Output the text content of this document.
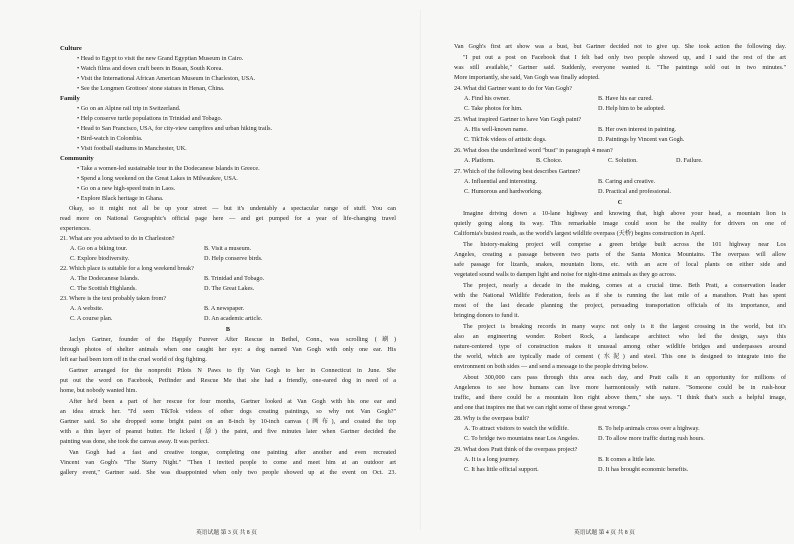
Culture
• Head to Egypt to visit the new Grand Egyptian Museum in Cairo.
• Watch films and down craft beers in Busan, South Korea.
• Visit the International African American Museum in Charleston, USA.
• See the Longmen Grottoes' stone statues in Henan, China.
Family
• Go on an Alpine rail trip in Switzerland.
• Help conserve turtle populations in Trinidad and Tobago.
• Head to San Francisco, USA, for city-view campfires and urban hiking trails.
• Bird-watch in Colombia.
• Visit football stadiums in Manchester, UK.
Community
• Take a women-led sustainable tour in the Dodecanese Islands in Greece.
• Spend a long weekend on the Great Lakes in Milwaukee, USA.
• Go on a new high-speed train in Laos.
• Explore Black heritage in Ghana.
Okay, so it might not all be up your street — but it's undeniably a spectacular range of stuff. You can
read more on National Geographic's official page here — and get pumped for a year of life-changing travel
experiences.
21. What are you advised to do in Charleston?
A. Go on a biking tour.	B. Visit a museum.
C. Explore biodiversity.	D. Help conserve birds.
22. Which place is suitable for a long weekend break?
A. The Dodecanese Islands.	B. Trinidad and Tobago.
C. The Scottish Highlands.	D. The Great Lakes.
23. Where is the text probably taken from?
A. A website.	B. A newspaper.
C. A course plan.	D. An academic article.
B
Jaclyn Gartner, founder of the Happily Furever After Rescue in Bethel, Conn., was scrolling (刷)
through photos of shelter animals when one caught her eye: a dog named Van Gogh with only one ear. His
left ear had been torn off in the cruel world of dog fighting.
Gartner arranged for the nonprofit Pilots N Paws to fly Van Gogh to her in Connecticut in June. She
put out the word on Facebook, Petfinder and Rescue Me that she had a friendly, one-eared dog in need of a
home, but nobody wanted him.
After he'd been a part of her rescue for four months, Gartner looked at Van Gogh with his one ear and
an idea struck her. "I'd seen TikTok videos of other dogs creating paintings, so why not Van Gogh?"
Gartner said. So she dropped some bright paint on an 8-inch by 10-inch canvas (画布), and coated the top
with a thin layer of peanut butter. He licked (舔) the paint, and five minutes later when Gartner decided the
painting was done, she took the canvas away. It was perfect.
Van Gogh had a fast and creative tongue, completing one painting after another and even recreated
Vincent van Gogh's "The Starry Night." "Then I invited people to come and meet him at an outdoor art
gallery event," Gartner said. She was disappointed when only two people showed up at the event on Oct. 23.
英语试题 第 3 页 共 8 页
Van Gogh's first art show was a bust, but Gartner decided not to give up. She took action the following day.
"I put out a post on Facebook that I felt bad only two people showed up, and I said the rest of the art
was still available," Gartner said. Suddenly, everyone wanted it. "The paintings sold out in two minutes."
More importantly, she said, Van Gogh was finally adopted.
24. What did Gartner want to do for Van Gogh?
A. Find his owner.	B. Have his ear cured.
C. Take photos for him.	D. Help him to be adopted.
25. What inspired Gartner to have Van Gogh paint?
A. His well-known name.	B. Her own interest in painting.
C. TikTok videos of artistic dogs.	D. Paintings by Vincent van Gogh.
26. What does the underlined word "bust" in paragraph 4 mean?
A. Platform.	B. Choice.	C. Solution.	D. Failure.
27. Which of the following best describes Gartner?
A. Influential and interesting.	B. Caring and creative.
C. Humorous and hardworking.	D. Practical and professional.
C
Imagine driving down a 10-lane highway and knowing that, high above your head, a mountain lion is
quietly going along its way. This remarkable image could soon be the reality for drivers on one of
California's busiest roads, as the world's largest wildlife overpass (天桥) begins construction in April.
The history-making project will comprise a green bridge built across the 101 highway near Los
Angeles, creating a passage between two parts of the Santa Monica Mountains. The overpass will allow
safe passage for lizards, snakes, mountain lions, etc. with an acre of local plants on either side and
vegetated sound walls to dampen light and noise for night-time animals as they go across.
The project, nearly a decade in the making, comes at a crucial time. Beth Pratt, a conservation leader
with the National Wildlife Federation, feels as if she is running the last mile of a marathon. Pratt has spent
most of the last decade planning the project, persuading transportation officials of its importance, and
bringing donors to fund it.
The project is breaking records in many ways: not only is it the largest crossing in the world, but it's
also an engineering wonder. Robert Rock, a landscape architect who led the design, says this
nature-centered type of construction makes it unusual among other wildlife bridges and underpasses around
the world, which are typically made of cement (水泥) and steel. This one is designed to integrate into the
environment on both sides — and send a message to the people driving below.
About 300,000 cars pass through this area each day, and Pratt calls it an opportunity for millions of
Angelenos to see how humans can live more harmoniously with nature. "Someone could be in rush-hour
traffic, and there could be a mountain lion right above them," she says. "I think that's such a helpful image,
and one that inspires me that we can right some of these great wrongs."
28. Why is the overpass built?
A. To attract visitors to watch the wildlife.	B. To help animals cross over a highway.
C. To bridge two mountains near Los Angeles.	D. To allow more traffic during rush hours.
29. What does Pratt think of the overpass project?
A. It is a long journey.	B. It comes a little late.
C. It has little official support.	D. It has brought economic benefits.
英语试题 第 4 页 共 8 页
